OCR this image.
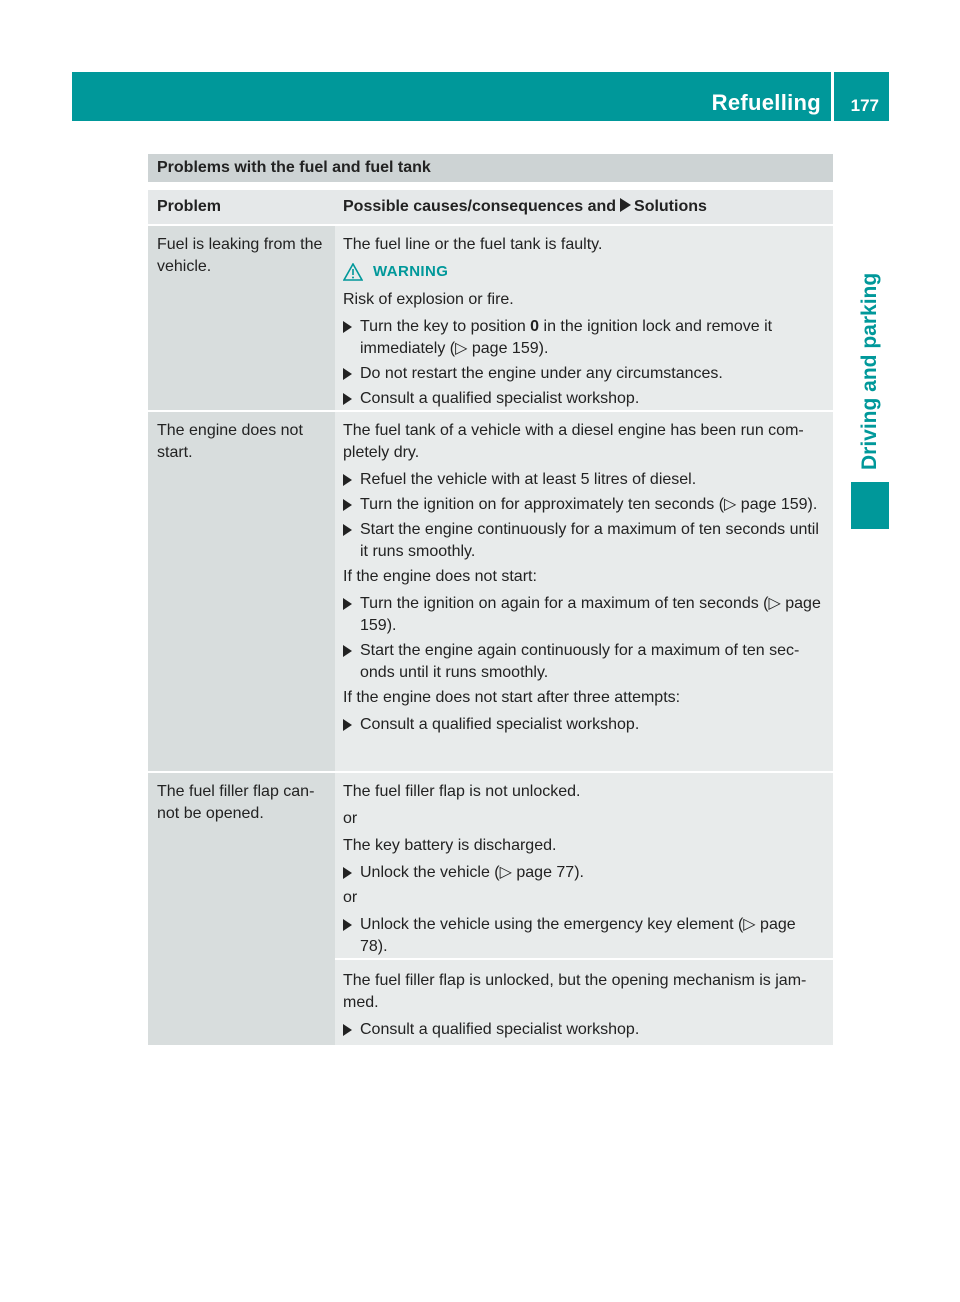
Refuelling 177
Driving and parking
Problems with the fuel and fuel tank
Problem	Possible causes/consequences and Solutions
Fuel is leaking from the vehicle.

The fuel line or the fuel tank is faulty.

WARNING

Risk of explosion or fire.

Turn the key to position 0 in the ignition lock and remove it immediately (▷ page 159).
Do not restart the engine under any circumstances.
Consult a qualified specialist workshop.
The engine does not start.

The fuel tank of a vehicle with a diesel engine has been run com-pletely dry.

Refuel the vehicle with at least 5 litres of diesel.
Turn the ignition on for approximately ten seconds (▷ page 159).
Start the engine continuously for a maximum of ten seconds until it runs smoothly.

If the engine does not start:

Turn the ignition on again for a maximum of ten seconds (▷ page 159).
Start the engine again continuously for a maximum of ten sec-onds until it runs smoothly.

If the engine does not start after three attempts:

Consult a qualified specialist workshop.
The fuel filler flap can-not be opened.

The fuel filler flap is not unlocked.

or

The key battery is discharged.

Unlock the vehicle (▷ page 77).

or

Unlock the vehicle using the emergency key element (▷ page 78).

The fuel filler flap is unlocked, but the opening mechanism is jam-med.

Consult a qualified specialist workshop.
